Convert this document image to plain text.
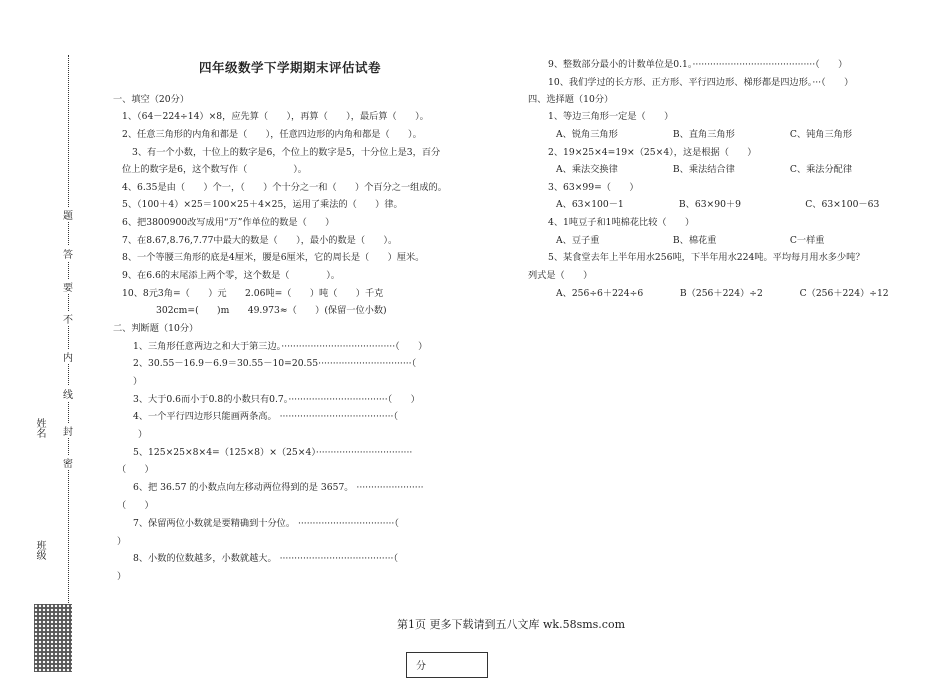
班级
姓名
密
封
线
内
不
要
答
题
四年级数学下学期期末评估试卷
一、填空（20分）
1、（64－224÷14）×8，应先算（　　），再算（　　），最后算（　　）。
2、任意三角形的内角和都是（　　），任意四边形的内角和都是（　　）。
3、有一个小数，十位上的数字是6，个位上的数字是5，十分位上是3，百分
位上的数字是6，这个数写作（　　　　　）。
4、6.35是由（　　）个一，（　　）个十分之一和（　　）个百分之一组成的。
5、（100＋4）×25＝100×25＋4×25，运用了乘法的（　　）律。
6、把3800900改写成用“万”作单位的数是（　　）
7、在8.67,8.76,7.77中最大的数是（　　），最小的数是（　　）。
8、一个等腰三角形的底是4厘米，腰是6厘米，它的周长是（　　）厘米。
9、在6.6的末尾添上两个零，这个数是（　　　　）。
10、8元3角=（　　）元　　2.06吨=（　　）吨（　　）千克
302cm=(　　)m　　49.973≈（　　）(保留一位小数)
二、判断题（10分）
1、三角形任意两边之和大于第三边。·······································（　　）
2、30.55－16.9－6.9＝30.55－10=20.55································（
）
3、大于0.6而小于0.8的小数只有0.7。··································（　　）
4、一个平行四边形只能画两条高。 ·······································（
）
5、125×25×8×4=（125×8）×（25×4）·································
（　　）
6、把 36.57 的小数点向左移动两位得到的是 3657。 ·······················
（　　）
7、保留两位小数就是要精确到十分位。 ·································（
）
8、小数的位数越多，小数就越大。 ·······································（
）
9、整数部分最小的计数单位是0.1。··········································（　　）
10、我们学过的长方形、正方形、平行四边形、梯形都是四边形。···（　　）
四、选择题（10分）
1、等边三角形一定是（　　）
A、锐角三角形　　　　　　B、直角三角形　　　　　　C、钝角三角形
2、19×25×4=19×（25×4），这是根据（　　）
A、乘法交换律　　　　　　B、乘法结合律　　　　　　C、乘法分配律
3、63×99=（　　）
A、63×100－1　　　　　　B、63×90＋9　　　　　　　C、63×100－63
4、1吨豆子和1吨棉花比较（　　）
A、豆子重　　　　　　　　B、棉花重　　　　　　　　C一样重
5、某食堂去年上半年用水256吨，下半年用水224吨。平均每月用水多少吨？
列式是（　　）
A、256÷6＋224÷6　　　　B（256＋224）÷2　　　　C（256＋224）÷12
第1页 更多下载请到五八文库 wk.58sms.com
分
